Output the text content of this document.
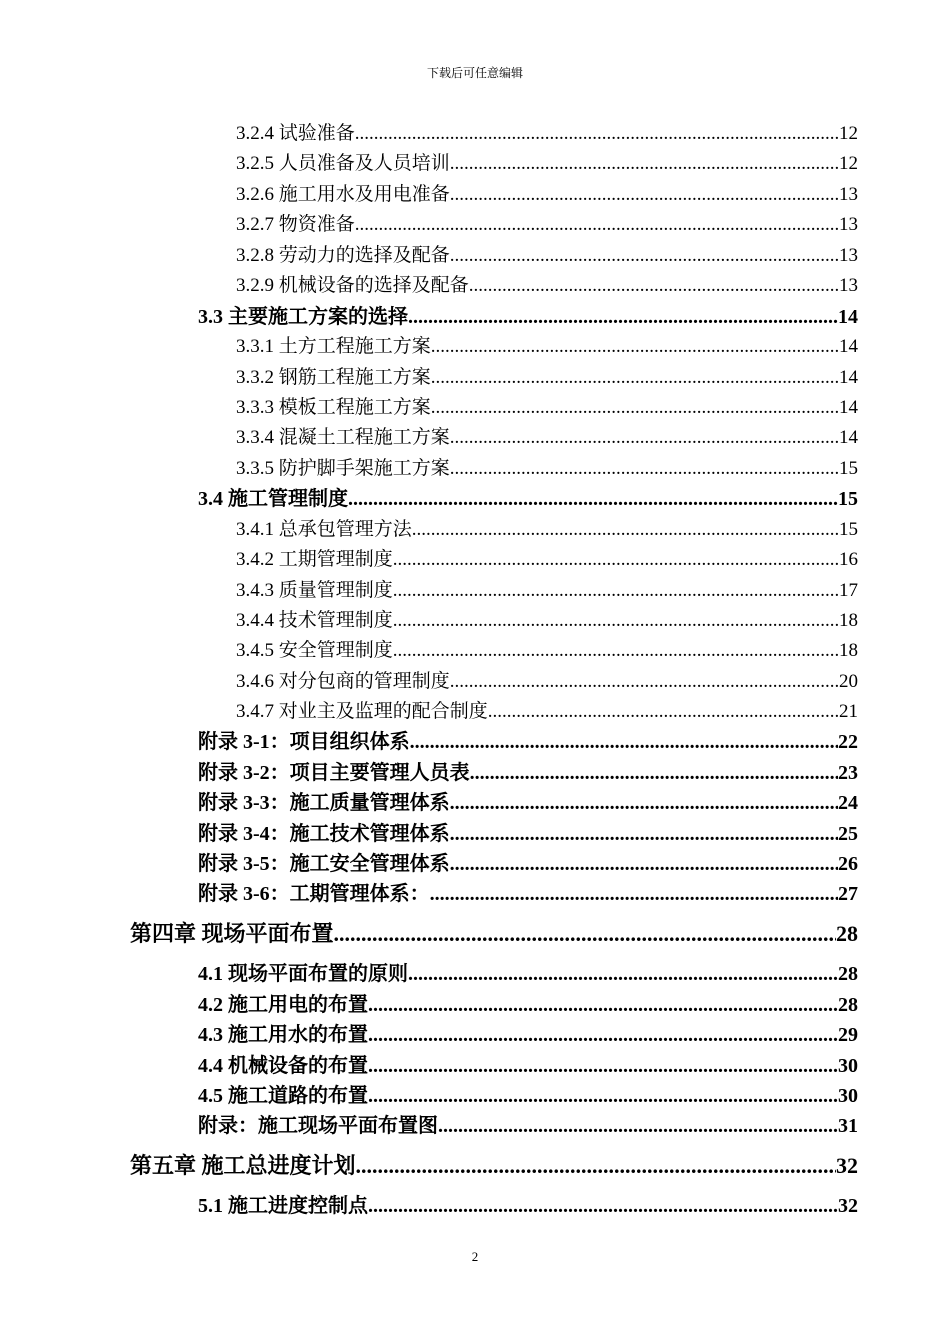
下载后可任意编辑
3.2.4 试验准备 .....	12
3.2.5 人员准备及人员培训 .....	12
3.2.6 施工用水及用电准备 .....	13
3.2.7 物资准备 .....	13
3.2.8 劳动力的选择及配备 .....	13
3.2.9 机械设备的选择及配备 .....	13
3.3 主要施工方案的选择 .....	14
3.3.1 土方工程施工方案 .....	14
3.3.2 钢筋工程施工方案 .....	14
3.3.3 模板工程施工方案 .....	14
3.3.4 混凝土工程施工方案 .....	14
3.3.5 防护脚手架施工方案 .....	15
3.4 施工管理制度 .....	15
3.4.1 总承包管理方法 .....	15
3.4.2 工期管理制度 .....	16
3.4.3 质量管理制度 .....	17
3.4.4 技术管理制度 .....	18
3.4.5 安全管理制度 .....	18
3.4.6 对分包商的管理制度 .....	20
3.4.7 对业主及监理的配合制度 .....	21
附录 3-1：项目组织体系 .....	22
附录 3-2：项目主要管理人员表 .....	23
附录 3-3：施工质量管理体系 .....	24
附录 3-4：施工技术管理体系 .....	25
附录 3-5：施工安全管理体系 .....	26
附录 3-6：工期管理体系： .....	27
第四章 现场平面布置 .....	28
4.1 现场平面布置的原则 .....	28
4.2 施工用电的布置 .....	28
4.3 施工用水的布置 .....	29
4.4 机械设备的布置 .....	30
4.5 施工道路的布置 .....	30
附录：施工现场平面布置图 .....	31
第五章 施工总进度计划 .....	32
5.1 施工进度控制点 .....	32
2
